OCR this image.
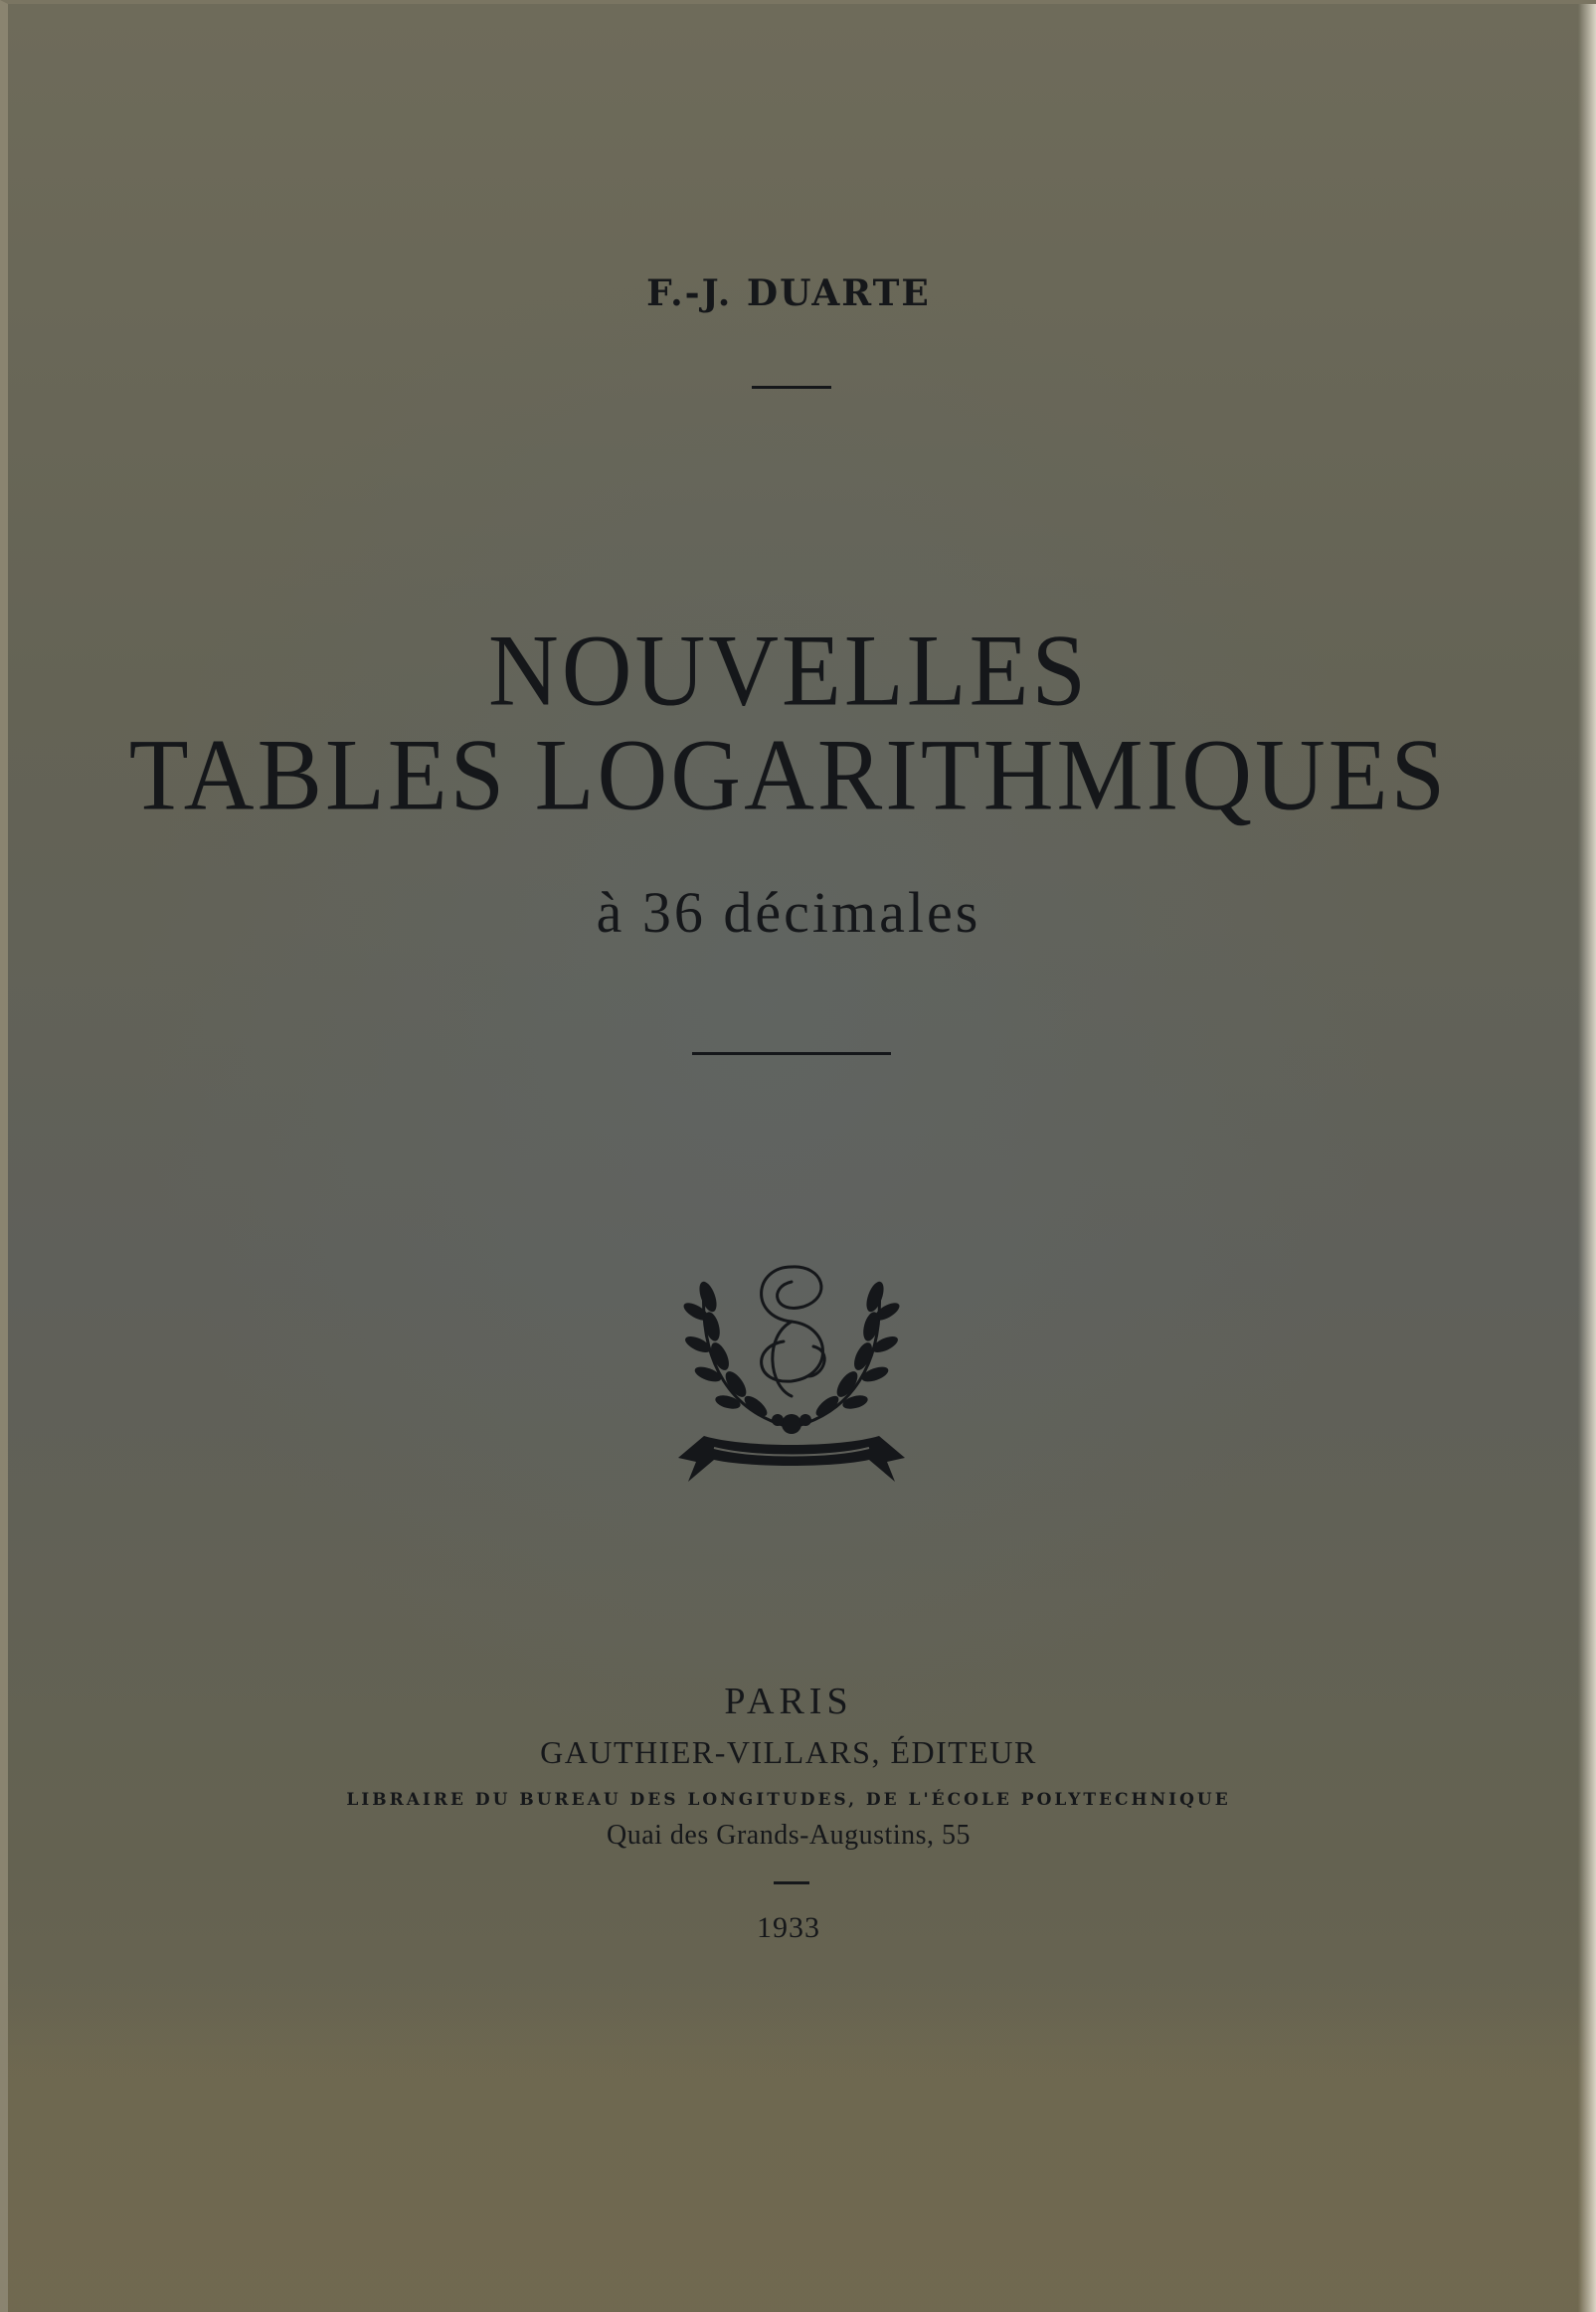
F.-J. DUARTE
NOUVELLES
TABLES LOGARITHMIQUES
à 36 décimales
PARIS
GAUTHIER-VILLARS, ÉDITEUR
LIBRAIRE DU BUREAU DES LONGITUDES, DE L'ÉCOLE POLYTECHNIQUE
Quai des Grands-Augustins, 55
1933
